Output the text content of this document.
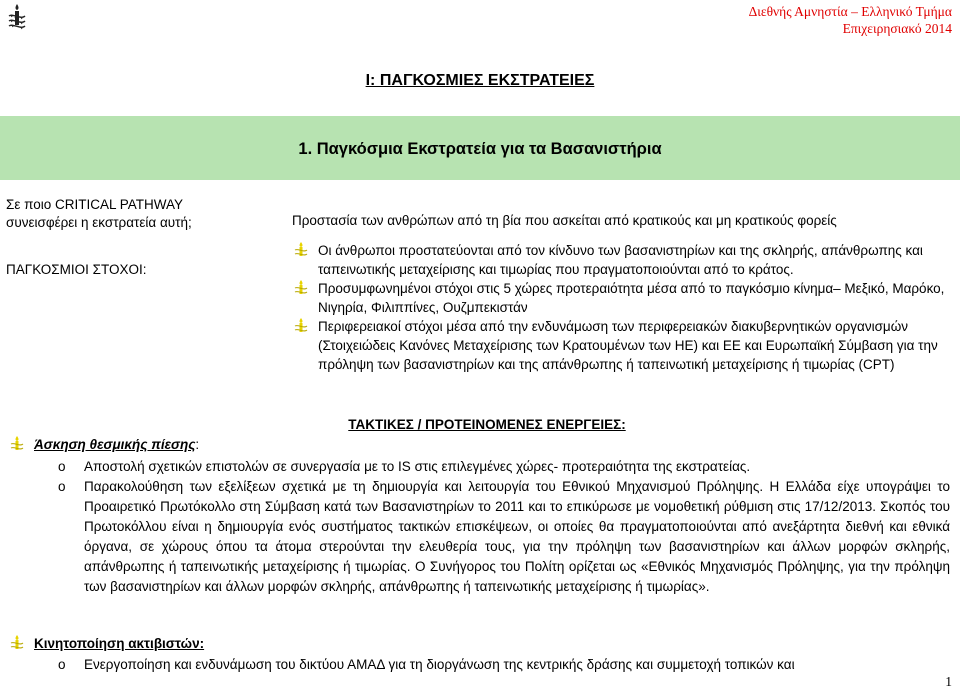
Διεθνής Αμνηστία – Ελληνικό Τμήμα
Επιχειρησιακό 2014
Ι: ΠΑΓΚΟΣΜΙΕΣ ΕΚΣΤΡΑΤΕΙΕΣ
1. Παγκόσμια Εκστρατεία για τα Βασανιστήρια
Σε ποιο CRITICAL PATHWAY συνεισφέρει η εκστρατεία αυτή;	Προστασία των ανθρώπων από τη βία που ασκείται από κρατικούς και μη κρατικούς φορείς
ΠΑΓΚΟΣΜΙΟΙ ΣΤΟΧΟΙ:
Οι άνθρωποι προστατεύονται από τον κίνδυνο των βασανιστηρίων και της σκληρής, απάνθρωπης και ταπεινωτικής μεταχείρισης και τιμωρίας που πραγματοποιούνται από το κράτος.
Προσυμφωνημένοι στόχοι στις 5 χώρες προτεραιότητα μέσα από το παγκόσμιο κίνημα– Μεξικό, Μαρόκο, Νιγηρία, Φιλιππίνες, Ουζμπεκιστάν
Περιφερειακοί στόχοι μέσα από την ενδυνάμωση των περιφερειακών διακυβερνητικών οργανισμών (Στοιχειώδεις Κανόνες Μεταχείρισης των Κρατουμένων των ΗΕ) και ΕΕ και Ευρωπαϊκή Σύμβαση για την πρόληψη των βασανιστηρίων και της απάνθρωπης ή ταπεινωτική μεταχείρισης ή τιμωρίας (CPT)
ΤΑΚΤΙΚΕΣ / ΠΡΟΤΕΙΝΟΜΕΝΕΣ ΕΝΕΡΓΕΙΕΣ:
Άσκηση θεσμικής πίεσης:
o Αποστολή σχετικών επιστολών σε συνεργασία με το IS στις επιλεγμένες χώρες- προτεραιότητα της εκστρατείας.
o Παρακολούθηση των εξελίξεων σχετικά με τη δημιουργία και λειτουργία του Εθνικού Μηχανισμού Πρόληψης. Η Ελλάδα είχε υπογράψει το Προαιρετικό Πρωτόκολλο στη Σύμβαση κατά των Βασανιστηρίων το 2011 και το επικύρωσε με νομοθετική ρύθμιση στις 17/12/2013. Σκοπός του Πρωτοκόλλου είναι η δημιουργία ενός συστήματος τακτικών επισκέψεων, οι οποίες θα πραγματοποιούνται από ανεξάρτητα διεθνή και εθνικά όργανα, σε χώρους όπου τα άτομα στερούνται την ελευθερία τους, για την πρόληψη των βασανιστηρίων και άλλων μορφών σκληρής, απάνθρωπης ή ταπεινωτικής μεταχείρισης ή τιμωρίας. Ο Συνήγορος του Πολίτη ορίζεται ως «Εθνικός Μηχανισμός Πρόληψης, για την πρόληψη των βασανιστηρίων και άλλων μορφών σκληρής, απάνθρωπης ή ταπεινωτικής μεταχείρισης ή τιμωρίας».
Κινητοποίηση ακτιβιστών:
o Ενεργοποίηση και ενδυνάμωση του δικτύου ΑΜΑΔ για τη διοργάνωση της κεντρικής δράσης και συμμετοχή τοπικών και
1
